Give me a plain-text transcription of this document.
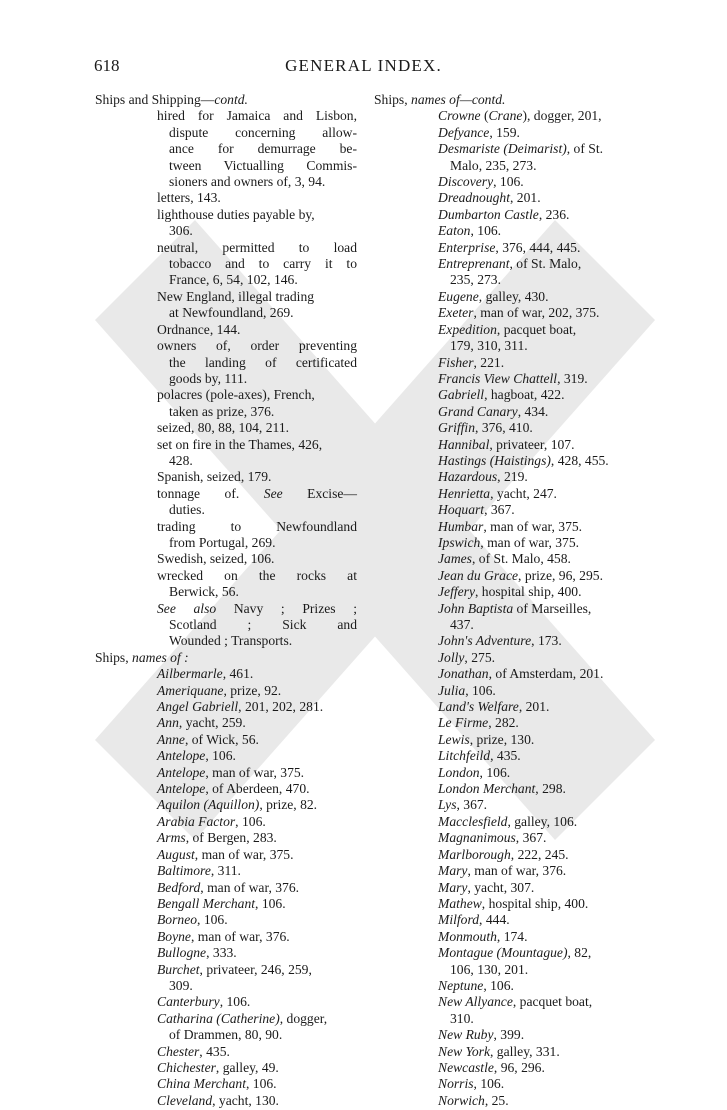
618	GENERAL INDEX.
Ships and Shipping—contd.
hired for Jamaica and Lisbon,
dispute concerning allow-
ance for demurrage be-
tween Victualling Commis-
sioners and owners of, 3, 94.
letters, 143.
lighthouse duties payable by,
306.
neutral, permitted to load
tobacco and to carry it to
France, 6, 54, 102, 146.
New England, illegal trading
at Newfoundland, 269.
Ordnance, 144.
owners of, order preventing
the landing of certificated
goods by, 111.
polacres (pole-axes), French,
taken as prize, 376.
seized, 80, 88, 104, 211.
set on fire in the Thames, 426,
428.
Spanish, seized, 179.
tonnage of. See Excise—
duties.
trading to Newfoundland
from Portugal, 269.
Swedish, seized, 106.
wrecked on the rocks at
Berwick, 56.
See also Navy ; Prizes ;
Scotland ; Sick and
Wounded ; Transports.
Ships, names of :
Ailbermarle, 461.
Ameriquane, prize, 92.
Angel Gabriell, 201, 202, 281.
Ann, yacht, 259.
Anne, of Wick, 56.
Antelope, 106.
Antelope, man of war, 375.
Antelope, of Aberdeen, 470.
Aquilon (Aquillon), prize, 82.
Arabia Factor, 106.
Arms, of Bergen, 283.
August, man of war, 375.
Baltimore, 311.
Bedford, man of war, 376.
Bengall Merchant, 106.
Borneo, 106.
Boyne, man of war, 376.
Bullogne, 333.
Burchet, privateer, 246, 259,
309.
Canterbury, 106.
Catharina (Catherine), dogger,
of Drammen, 80, 90.
Chester, 435.
Chichester, galley, 49.
China Merchant, 106.
Cleveland, yacht, 130.
Ships, names of—contd.
Crowne (Crane), dogger, 201,
Defyance, 159.
Desmariste (Deimarist), of St.
Malo, 235, 273.
Discovery, 106.
Dreadnought, 201.
Dumbarton Castle, 236.
Eaton, 106.
Enterprise, 376, 444, 445.
Entreprenant, of St. Malo,
235, 273.
Eugene, galley, 430.
Exeter, man of war, 202, 375.
Expedition, pacquet boat,
179, 310, 311.
Fisher, 221.
Francis View Chattell, 319.
Gabriell, hagboat, 422.
Grand Canary, 434.
Griffin, 376, 410.
Hannibal, privateer, 107.
Hastings (Haistings), 428, 455.
Hazardous, 219.
Henrietta, yacht, 247.
Hoquart, 367.
Humbar, man of war, 375.
Ipswich, man of war, 375.
James, of St. Malo, 458.
Jean du Grace, prize, 96, 295.
Jeffery, hospital ship, 400.
John Baptista of Marseilles,
437.
John's Adventure, 173.
Jolly, 275.
Jonathan, of Amsterdam, 201.
Julia, 106.
Land's Welfare, 201.
Le Firme, 282.
Lewis, prize, 130.
Litchfeild, 435.
London, 106.
London Merchant, 298.
Lys, 367.
Macclesfield, galley, 106.
Magnanimous, 367.
Marlborough, 222, 245.
Mary, man of war, 376.
Mary, yacht, 307.
Mathew, hospital ship, 400.
Milford, 444.
Monmouth, 174.
Montague (Mountague), 82,
106, 130, 201.
Neptune, 106.
New Allyance, pacquet boat,
310.
New Ruby, 399.
New York, galley, 331.
Newcastle, 96, 296.
Norris, 106.
Norwich, 25.
